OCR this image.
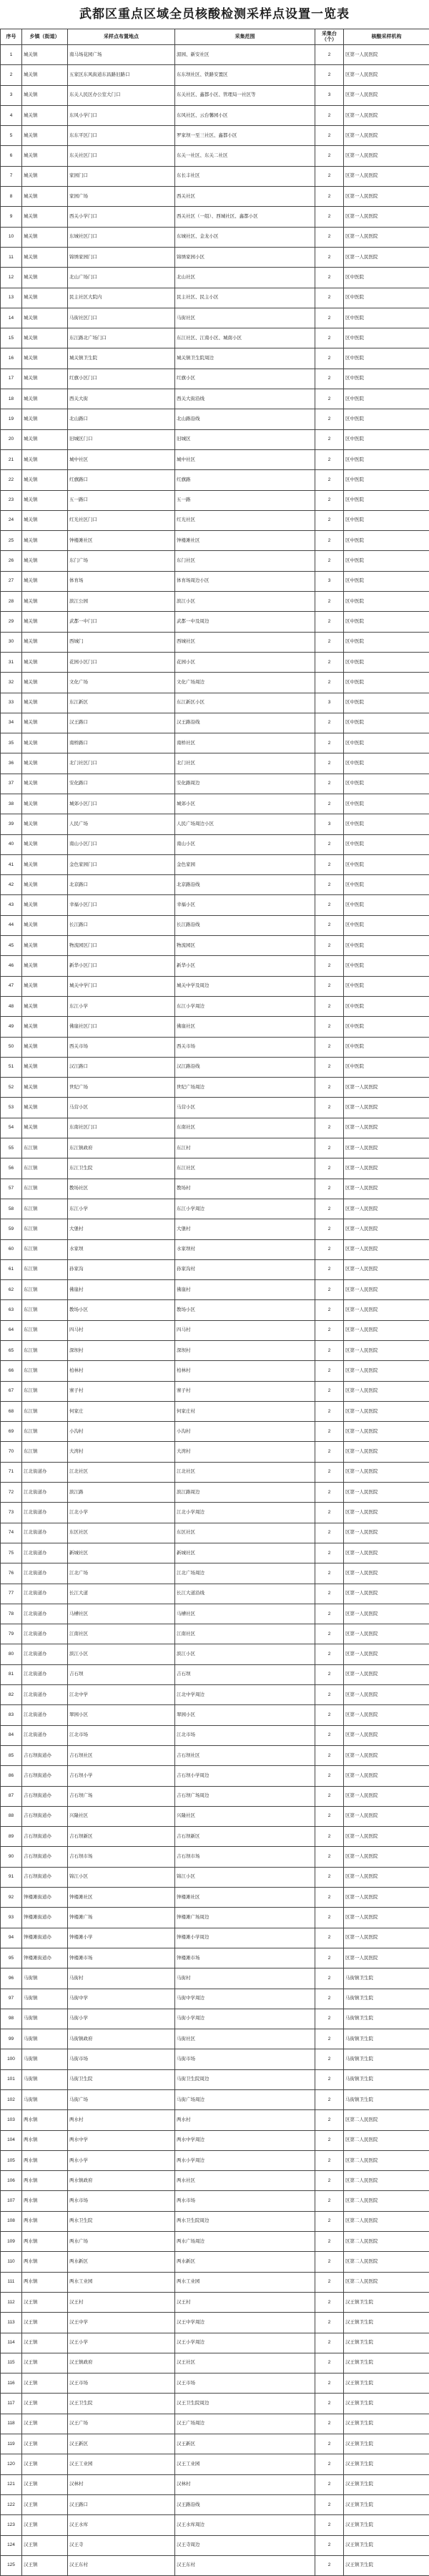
武都区重点区域全员核酸检测采样点设置一览表
序号	乡镇（街道）	采样点布置地点	采集范围	采集台（个）	核酸采样机构
1	城关镇	南马场花园广场	湄园、新安社区	2	区第一人民医院
2	城关镇	五家区东风街道东昌路旧路口	东东坝社区、铁路安置区	2	区第一人民医院
3	城关镇	东关人民区办公室大门口	东关社区、鑫都小区、管理局一社区等	3	区第一人民医院
4	城关镇	东风小学门口	东风社区、云台馨园小区	2	区第一人民医院
5	城关镇	东东平区门口	罗家坝一至三社区、鑫都小区	2	区第一人民医院
6	城关镇	东关社区门口	东关一社区、东关二社区	2	区第一人民医院
7	城关镇	家园门口	东长丰社区	2	区第一人民医院
8	城关镇	家园广场	西关社区	2	区第一人民医院
9	城关镇	西关小学门口	西关社区（一组）、西城社区、鑫都小区	2	区第一人民医院
10	城关镇	东城社区门口	东城社区、金龙小区	2	区第一人民医院
11	城关镇	锦绣家园门口	锦绣家园小区	2	区第一人民医院
12	城关镇	北山广场门口	北山社区	2	区中医院
13	城关镇	民主社区大院内	民主社区、民主小区	2	区中医院
14	城关镇	马街社区门口	马街社区	2	区中医院
15	城关镇	东江路北广场门口	东江社区、江南小区、城南小区	2	区中医院
16	城关镇	城关镇卫生院	城关镇卫生院周边	2	区中医院
17	城关镇	红旗小区门口	红旗小区	2	区中医院
18	城关镇	西关大街	西关大街沿线	2	区中医院
19	城关镇	北山路口	北山路沿线	2	区中医院
20	城关镇	旧城区门口	旧城区	2	区中医院
21	城关镇	城中社区	城中社区	2	区中医院
22	城关镇	红旗路口	红旗路	2	区中医院
23	城关镇	五一路口	五一路	2	区中医院
24	城关镇	红光社区门口	红光社区	2	区中医院
25	城关镇	钟楼滩社区	钟楼滩社区	2	区中医院
26	城关镇	东门广场	东门社区	2	区中医院
27	城关镇	体育场	体育场周边小区	3	区中医院
28	城关镇	滨江公园	滨江小区	2	区中医院
29	城关镇	武都一中门口	武都一中及周边	2	区中医院
30	城关镇	西城门	西城社区	2	区中医院
31	城关镇	花园小区门口	花园小区	2	区中医院
32	城关镇	文化广场	文化广场周边	2	区中医院
33	城关镇	东江新区	东江新区小区	3	区中医院
34	城关镇	汉王路口	汉王路沿线	2	区中医院
35	城关镇	南桥路口	南桥社区	2	区中医院
36	城关镇	北门社区门口	北门社区	2	区中医院
37	城关镇	安化路口	安化路周边	2	区中医院
38	城关镇	城郊小区门口	城郊小区	2	区中医院
39	城关镇	人民广场	人民广场周边小区	3	区中医院
40	城关镇	南山小区门口	南山小区	2	区中医院
41	城关镇	金色家园门口	金色家园	2	区中医院
42	城关镇	北京路口	北京路沿线	2	区中医院
43	城关镇	幸福小区门口	幸福小区	2	区中医院
44	城关镇	长江路口	长江路沿线	2	区中医院
45	城关镇	物流园区门口	物流园区	2	区中医院
46	城关镇	新华小区门口	新华小区	2	区中医院
47	城关镇	城关中学门口	城关中学及周边	2	区中医院
48	城关镇	东江小学	东江小学周边	2	区中医院
49	城关镇	佛崖社区门口	佛崖社区	2	区中医院
50	城关镇	西关市场	西关市场	2	区中医院
51	城关镇	汉江路口	汉江路沿线	2	区中医院
52	城关镇	世纪广场	世纪广场周边	2	区第一人民医院
53	城关镇	马营小区	马营小区	2	区第一人民医院
54	城关镇	东南社区门口	东南社区	2	区第一人民医院
55	东江镇	东江镇政府	东江村	2	区第一人民医院
56	东江镇	东江卫生院	东江社区	2	区第一人民医院
57	东江镇	教场社区	教场村	2	区第一人民医院
58	东江镇	东江小学	东江小学周边	2	区第一人民医院
59	东江镇	大堡村	大堡村	2	区第一人民医院
60	东江镇	水家坝	水家坝村	2	区第一人民医院
61	东江镇	孙家沟	孙家沟村	2	区第一人民医院
62	东江镇	佛崖村	佛崖村	2	区第一人民医院
63	东江镇	教场小区	教场小区	2	区第一人民医院
64	东江镇	四马村	四马村	2	区第一人民医院
65	东江镇	深坝村	深坝村	2	区第一人民医院
66	东江镇	柏林村	柏林村	2	区第一人民医院
67	东江镇	寨子村	寨子村	2	区第一人民医院
68	东江镇	何家庄	何家庄村	2	区第一人民医院
69	东江镇	小沟村	小沟村	2	区第一人民医院
70	东江镇	大湾村	大湾村	2	区第一人民医院
71	江北街道办	江北社区	江北社区	2	区第一人民医院
72	江北街道办	滨江路	滨江路周边	2	区第一人民医院
73	江北街道办	江北小学	江北小学周边	2	区第一人民医院
74	江北街道办	东区社区	东区社区	2	区第一人民医院
75	江北街道办	新城社区	新城社区	2	区第一人民医院
76	江北街道办	江北广场	江北广场周边	2	区第一人民医院
77	江北街道办	长江大道	长江大道沿线	2	区第一人民医院
78	江北街道办	马槽社区	马槽社区	2	区第一人民医院
79	江北街道办	江南社区	江南社区	2	区第一人民医院
80	江北街道办	滨江小区	滨江小区	2	区第一人民医院
81	江北街道办	吉石坝	吉石坝	2	区第一人民医院
82	江北街道办	江北中学	江北中学周边	2	区第一人民医院
83	江北街道办	翠园小区	翠园小区	2	区第一人民医院
84	江北街道办	江北市场	江北市场	2	区第一人民医院
85	吉石坝街道办	吉石坝社区	吉石坝社区	2	区第一人民医院
86	吉石坝街道办	吉石坝小学	吉石坝小学周边	2	区第一人民医院
87	吉石坝街道办	吉石坝广场	吉石坝广场周边	2	区第一人民医院
88	吉石坝街道办	兴隆社区	兴隆社区	2	区第一人民医院
89	吉石坝街道办	吉石坝新区	吉石坝新区	2	区第一人民医院
90	吉石坝街道办	吉石坝市场	吉石坝市场	2	区第一人民医院
91	吉石坝街道办	锦江小区	锦江小区	2	区第一人民医院
92	钟楼滩街道办	钟楼滩社区	钟楼滩社区	2	区第一人民医院
93	钟楼滩街道办	钟楼滩广场	钟楼滩广场周边	2	区第一人民医院
94	钟楼滩街道办	钟楼滩小学	钟楼滩小学周边	2	区第一人民医院
95	钟楼滩街道办	钟楼滩市场	钟楼滩市场	2	区第一人民医院
96	马街镇	马街村	马街村	2	马街镇卫生院
97	马街镇	马街中学	马街中学周边	2	马街镇卫生院
98	马街镇	马街小学	马街小学周边	2	马街镇卫生院
99	马街镇	马街镇政府	马街社区	2	马街镇卫生院
100	马街镇	马街市场	马街市场	2	马街镇卫生院
101	马街镇	马街卫生院	马街卫生院周边	2	马街镇卫生院
102	马街镇	马街广场	马街广场周边	2	马街镇卫生院
103	两水镇	两水村	两水村	2	区第二人民医院
104	两水镇	两水中学	两水中学周边	2	区第二人民医院
105	两水镇	两水小学	两水小学周边	2	区第二人民医院
106	两水镇	两水镇政府	两水社区	2	区第二人民医院
107	两水镇	两水市场	两水市场	2	区第二人民医院
108	两水镇	两水卫生院	两水卫生院周边	2	区第二人民医院
109	两水镇	两水广场	两水广场周边	2	区第二人民医院
110	两水镇	两水新区	两水新区	2	区第二人民医院
111	两水镇	两水工业园	两水工业园	2	区第二人民医院
112	汉王镇	汉王村	汉王村	2	汉王镇卫生院
113	汉王镇	汉王中学	汉王中学周边	2	汉王镇卫生院
114	汉王镇	汉王小学	汉王小学周边	2	汉王镇卫生院
115	汉王镇	汉王镇政府	汉王社区	2	汉王镇卫生院
116	汉王镇	汉王市场	汉王市场	2	汉王镇卫生院
117	汉王镇	汉王卫生院	汉王卫生院周边	2	汉王镇卫生院
118	汉王镇	汉王广场	汉王广场周边	2	汉王镇卫生院
119	汉王镇	汉王新区	汉王新区	2	汉王镇卫生院
120	汉王镇	汉王工业园	汉王工业园	2	汉王镇卫生院
121	汉王镇	汉林村	汉林村	2	汉王镇卫生院
122	汉王镇	汉王路口	汉王路沿线	2	汉王镇卫生院
123	汉王镇	汉王水库	汉王水库周边	2	汉王镇卫生院
124	汉王镇	汉王寺	汉王寺周边	2	汉王镇卫生院
125	汉王镇	汉王东村	汉王东村	2	汉王镇卫生院
